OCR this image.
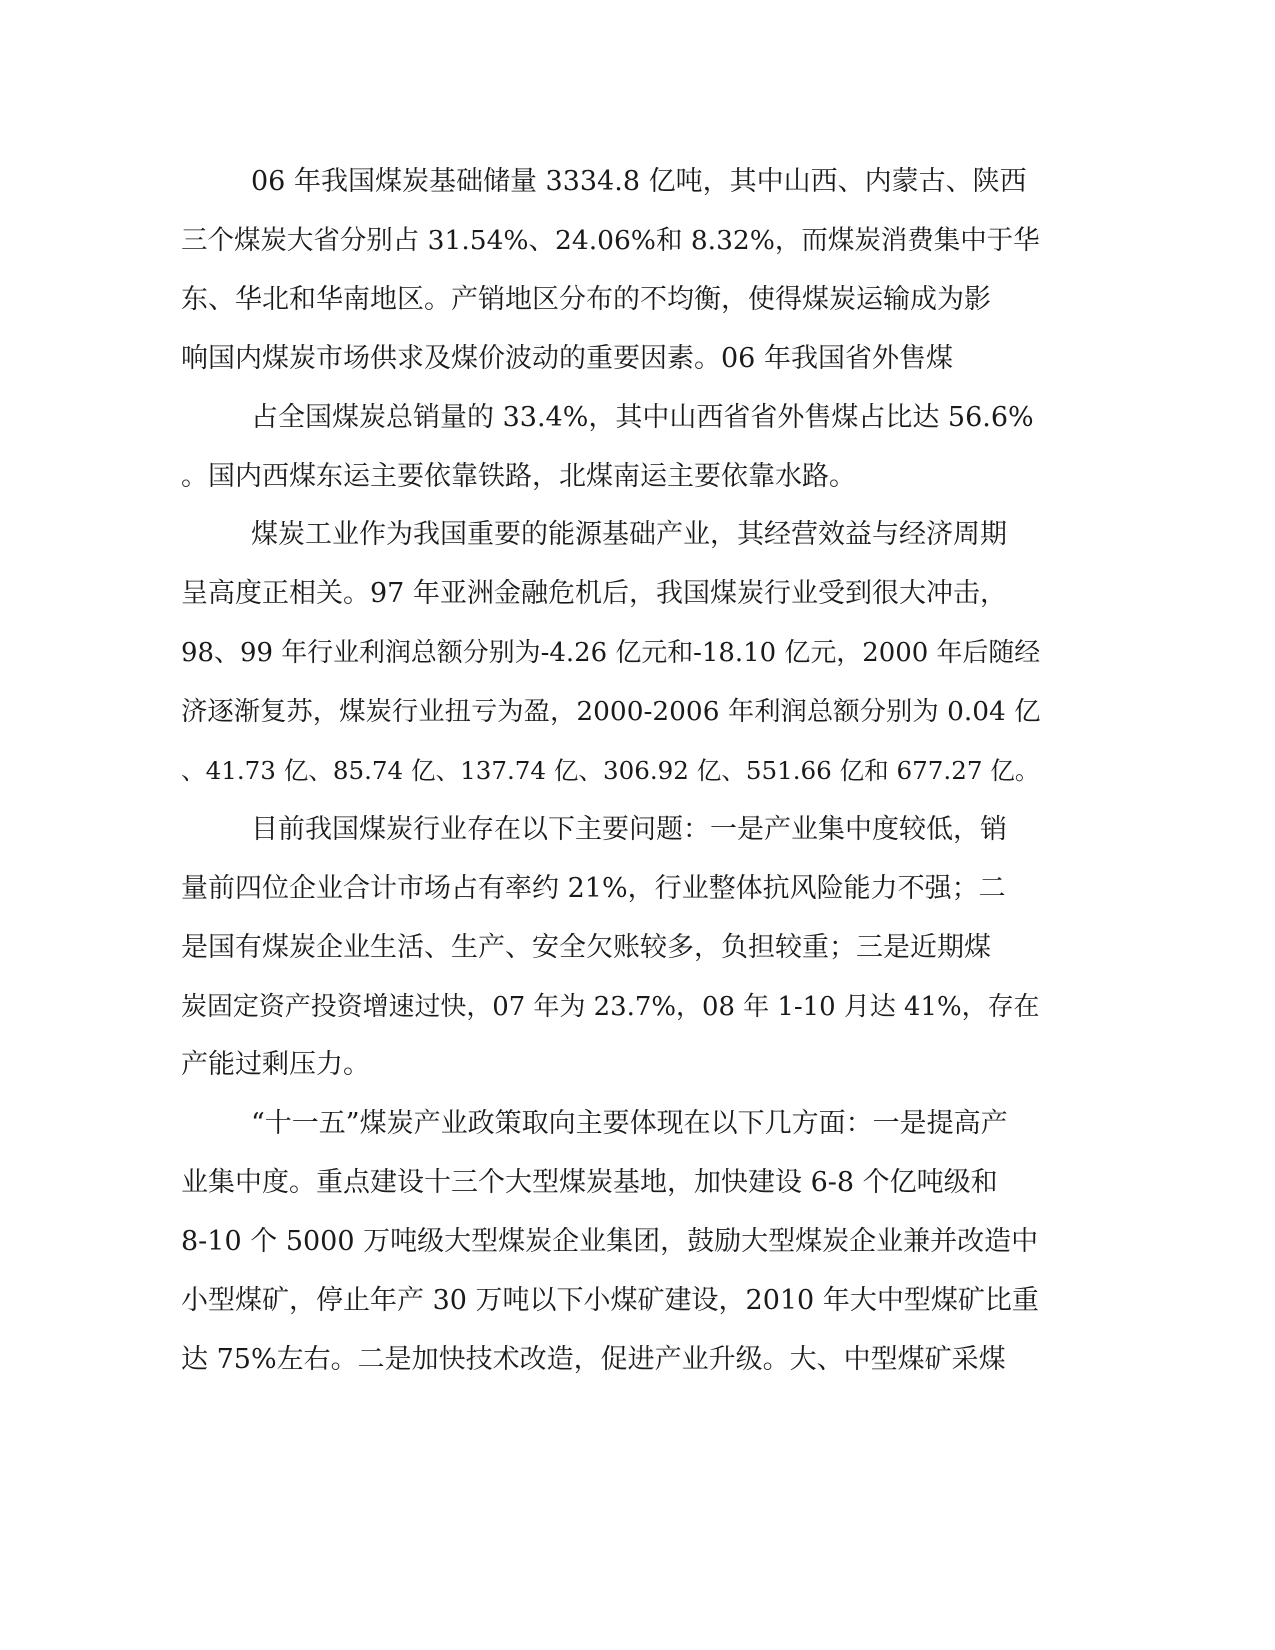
06 年我国煤炭基础储量 3334.8 亿吨，其中山西、内蒙古、陕西

三个煤炭大省分别占 31.54%、24.06%和 8.32%，而煤炭消费集中于华

东、华北和华南地区。产销地区分布的不均衡，使得煤炭运输成为影

响国内煤炭市场供求及煤价波动的重要因素。06 年我国省外售煤

占全国煤炭总销量的 33.4%，其中山西省省外售煤占比达 56.6%

。国内西煤东运主要依靠铁路，北煤南运主要依靠水路。

煤炭工业作为我国重要的能源基础产业，其经营效益与经济周期

呈高度正相关。97 年亚洲金融危机后，我国煤炭行业受到很大冲击，

98、99 年行业利润总额分别为-4.26 亿元和-18.10 亿元，2000 年后随经

济逐渐复苏，煤炭行业扭亏为盈，2000-2006 年利润总额分别为 0.04 亿

、41.73 亿、85.74 亿、137.74 亿、306.92 亿、551.66 亿和 677.27 亿。

目前我国煤炭行业存在以下主要问题：一是产业集中度较低，销

量前四位企业合计市场占有率约 21%，行业整体抗风险能力不强；二

是国有煤炭企业生活、生产、安全欠账较多，负担较重；三是近期煤

炭固定资产投资增速过快，07 年为 23.7%，08 年 1-10 月达 41%，存在

产能过剩压力。

“十一五”煤炭产业政策取向主要体现在以下几方面：一是提高产

业集中度。重点建设十三个大型煤炭基地，加快建设 6-8 个亿吨级和

8-10 个 5000 万吨级大型煤炭企业集团，鼓励大型煤炭企业兼并改造中

小型煤矿，停止年产 30 万吨以下小煤矿建设，2010 年大中型煤矿比重

达 75%左右。二是加快技术改造，促进产业升级。大、中型煤矿采煤
